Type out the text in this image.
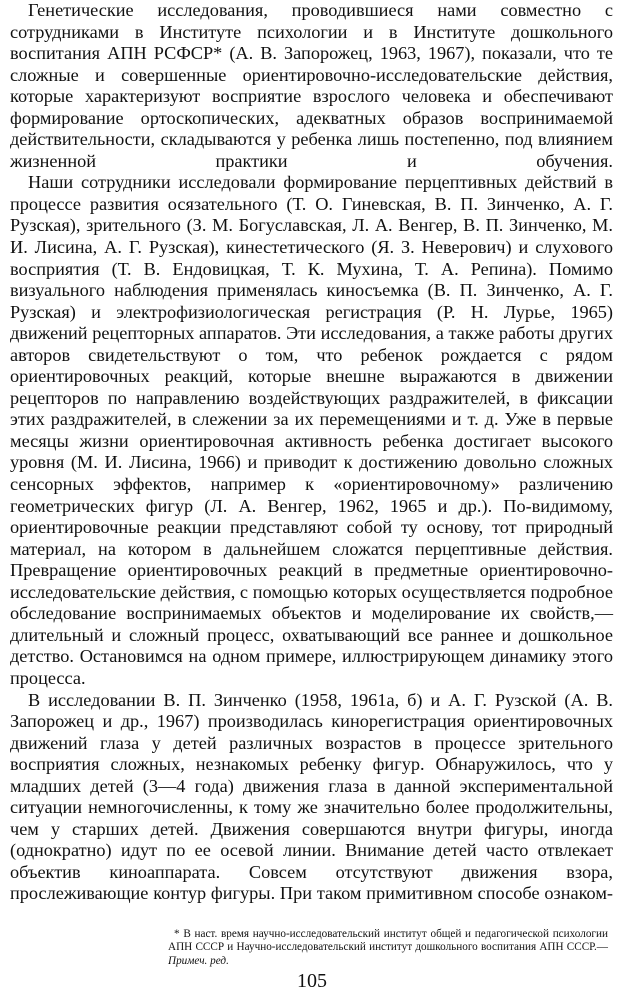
Генетические исследования, проводившиеся нами совместно с сотрудниками в Институте психологии и в Институте дошкольного воспитания АПН РСФСР* (А. В. Запорожец, 1963, 1967), показали, что те сложные и совершенные ориентировочно-исследовательские действия, которые характеризуют восприятие взрослого человека и обеспечивают формирование ортоскопических, адекватных образов воспринимаемой действительности, складываются у ребенка лишь постепенно, под влиянием жизненной практики и обучения.

Наши сотрудники исследовали формирование перцептивных действий в процессе развития осязательного (Т. О. Гиневская, В. П. Зинченко, А. Г. Рузская), зрительного (З. М. Богуславская, Л. А. Венгер, В. П. Зинченко, М. И. Лисина, А. Г. Рузская), кинестетического (Я. З. Неверович) и слухового восприятия (Т. В. Ендовицкая, Т. К. Мухина, Т. А. Репина). Помимо визуального наблюдения применялась киносъемка (В. П. Зинченко, А. Г. Рузская) и электрофизиологическая регистрация (Р. Н. Лурье, 1965) движений рецепторных аппаратов. Эти исследования, а также работы других авторов свидетельствуют о том, что ребенок рождается с рядом ориентировочных реакций, которые внешне выражаются в движении рецепторов по направлению воздействующих раздражителей, в фиксации этих раздражителей, в слежении за их перемещениями и т. д. Уже в первые месяцы жизни ориентировочная активность ребенка достигает высокого уровня (М. И. Лисина, 1966) и приводит к достижению довольно сложных сенсорных эффектов, например к «ориентировочному» различению геометрических фигур (Л. А. Венгер, 1962, 1965 и др.). По-видимому, ориентировочные реакции представляют собой ту основу, тот природный материал, на котором в дальнейшем сложатся перцептивные действия. Превращение ориентировочных реакций в предметные ориентировочно-исследовательские действия, с помощью которых осуществляется подробное обследование воспринимаемых объектов и моделирование их свойств,— длительный и сложный процесс, охватывающий все раннее и дошкольное детство. Остановимся на одном примере, иллюстрирующем динамику этого процесса.

В исследовании В. П. Зинченко (1958, 1961а, б) и А. Г. Рузской (А. В. Запорожец и др., 1967) производилась кинорегистрация ориентировочных движений глаза у детей различных возрастов в процессе зрительного восприятия сложных, незнакомых ребенку фигур. Обнаружилось, что у младших детей (3—4 года) движения глаза в данной экспериментальной ситуации немногочисленны, к тому же значительно более продолжительны, чем у старших детей. Движения совершаются внутри фигуры, иногда (однократно) идут по ее осевой линии. Внимание детей часто отвлекает объектив киноаппарата. Совсем отсутствуют движения взора, прослеживающие контур фигуры. При таком примитивном способе ознаком-

* В наст. время научно-исследовательский институт общей и педагогической психологии АПН СССР и Научно-исследовательский институт дошкольного воспитания АПН СССР.— Примеч. ред.

105
